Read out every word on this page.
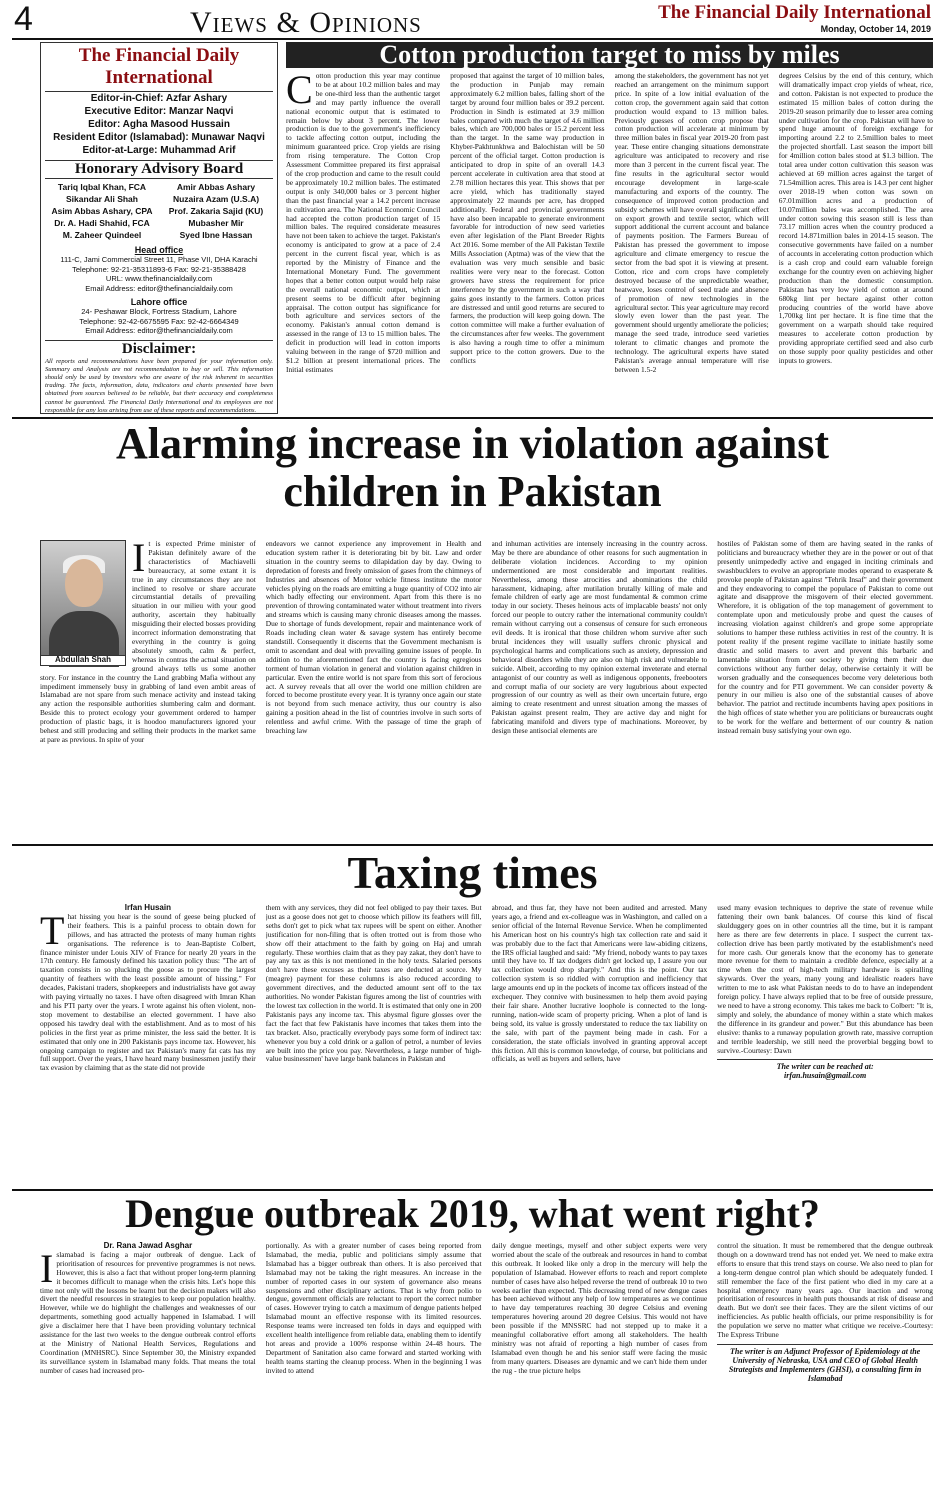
4	Views & Opinions	The Financial Daily International
Monday, October 14, 2019
The Financial Daily International
Editor-in-Chief: Azfar Ashary
Executive Editor: Manzar Naqvi
Editor: Agha Masood Hussain
Resident Editor (Islamabad): Munawar Naqvi
Editor-at-Large: Muhammad Arif
Honorary Advisory Board
Tariq Iqbal Khan, FCA	Amir Abbas Ashary
Sikandar Ali Shah	Nuzaira Azam (U.S.A)
Asim Abbas Ashary, CPA	Prof. Zakaria Sajid (KU)
Dr. A. Hadi Shahid, FCA	Mubasher Mir
M. Zaheer Quindeel	Syed Ibne Hassan
Head office
111-C, Jami Commercial Street 11, Phase VII, DHA Karachi
Telephone: 92-21-35311893-6 Fax: 92-21-35388428
URL: www.thefinancialdaily.com
Email Address: editor@thefinancialdaily.com
Lahore office
24- Peshawar Block, Fortress Stadium, Lahore
Telephone: 92-42-6675595 Fax: 92-42-6664349
Email Address: editor@thefinancialdaily.com
Disclaimer:
All reports and recommendations have been prepared for your information only. Summary and Analysis are not recommendation to buy or sell. This information should only be used by investors who are aware of the risk inherent in securities trading. The facts, information, data, indicators and charts presented have been obtained from sources believed to be reliable, but their accuracy and completeness cannot be guaranteed. The Financial Daily International and its employees are not responsible for any loss arising from use of these reports and recommendations.
Cotton production target to miss by miles
Cotton production this year may continue to be at about 10.2 million bales and may be one-third less than the authentic target and may partly influence the overall national economic output that is estimated to remain below by about 3 percent. The lower production is due to the government's inefficiency to tackle affecting cotton output, including the minimum guaranteed price. Crop yields are rising from rising temperature. The Cotton Crop Assessment Committee prepared its first appraisal of the crop production and came to the result could be approximately 10.2 million bales. The estimated output is only 340,000 bales or 3 percent higher than the past financial year a 14.2 percent increase in cultivation area. The National Economic Council had accepted the cotton production target of 15 million bales. The required considerate measures have not been taken to achieve the target. Pakistan's economy is anticipated to grow at a pace of 2.4 percent in the current fiscal year, which is as reported by the Ministry of Finance and the International Monetary Fund. The government hopes that a better cotton output would help raise the overall national economic output, which at present seems to be difficult after beginning appraisal. The cotton output has significance for both agriculture and services sectors of the economy. Pakistan's annual cotton demand is assessed in the range of 13 to 15 million bales. The deficit in production will lead in cotton imports valuing between in the range of $720 million and $1.2 billion at present international prices. The Initial estimates
proposed that against the target of 10 million bales, the production in Punjab may remain approximately 6.2 million bales, falling short of the target by around four million bales or 39.2 percent. Production in Sindh is estimated at 3.9 million bales compared with much the target of 4.6 million bales, which are 700,000 bales or 15.2 percent less than the target. In the same way production in Khyber-Pakhtunkhwa and Balochistan will be 50 percent of the official target. Cotton production is anticipated to drop in spite of an overall 14.3 percent accelerate in cultivation area that stood at 2.78 million hectares this year. This shows that per acre yield, which has traditionally stayed approximately 22 maunds per acre, has dropped additionally. Federal and provincial governments have also been incapable to generate environment favorable for introduction of new seed varieties even after legislation of the Plant Breeder Rights Act 2016. Some member of the All Pakistan Textile Mills Association (Aptma) was of the view that the evaluation was very much sensible and basic realities were very near to the forecast. Cotton growers have stress the requirement for price interference by the government in such a way that gains goes instantly to the farmers. Cotton prices are distressed and until good returns are secured to farmers, the production will keep going down. The cotton committee will make a further evaluation of the circumstances after few weeks. The government is also having a rough time to offer a minimum support price to the cotton growers. Due to the conflicts
among the stakeholders, the government has not yet reached an arrangement on the minimum support price. In spite of a low initial evaluation of the cotton crop, the government again said that cotton production would expand to 13 million bales. Previously guesses of cotton crop propose that cotton production will accelerate at minimum by three million bales in fiscal year 2019-20 from past year. These entire changing situations demonstrate agriculture was anticipated to recovery and rise more than 3 percent in the current fiscal year. The fine results in the agricultural sector would encourage development in large-scale manufacturing and exports of the country. The consequence of improved cotton production and subsidy schemes will have overall significant effect on export growth and textile sector, which will support additional the current account and balance of payments position. The Farmers Bureau of Pakistan has pressed the government to impose agriculture and climate emergency to rescue the sector from the bad spot it is viewing at present. Cotton, rice and corn crops have completely destroyed because of the unpredictable weather, heatwave, loses control of seed trade and absence of promotion of new technologies in the agricultural sector. This year agriculture may record slowly even lower than the past year. The government should urgently ameliorate the policies; manage the seed trade, introduce seed varieties tolerant to climatic changes and promote the technology. The agricultural experts have stated Pakistan's average annual temperature will rise between 1.5-2
degrees Celsius by the end of this century, which will dramatically impact crop yields of wheat, rice, and cotton. Pakistan is not expected to produce the estimated 15 million bales of cotton during the 2019-20 season primarily due to lesser area coming under cultivation for the crop. Pakistan will have to spend huge amount of foreign exchange for importing around 2.2 to 2.5million bales to meet the projected shortfall. Last season the import bill for 4million cotton bales stood at $1.3 billion. The total area under cotton cultivation this season was achieved at 69 million acres against the target of 71.54million acres. This area is 14.3 per cent higher over 2018-19 when cotton was sown on 67.01million acres and a production of 10.07million bales was accomplished. The area under cotton sowing this season still is less than 73.17 million acres when the country produced a record 14.871million bales in 2014-15 season. The consecutive governments have failed on a number of accounts in accelerating cotton production which is a cash crop and could earn valuable foreign exchange for the country even on achieving higher production than the domestic consumption. Pakistan has very low yield of cotton at around 680kg lint per hectare against other cotton producing countries of the world have above 1,700kg lint per hectare. It is fine time that the government on a warpath should take required measures to accelerate cotton production by providing appropriate certified seed and also curb on those supply poor quality pesticides and other inputs to growers.
Alarming increase in violation against children in Pakistan
Abdullah Shah
I t is expected Prime minister of Pakistan definitely aware of the characteristics of Machiavelli bureaucracy, at some extant it is true in any circumstances they are not inclined to resolve or share accurate circumstantial details of prevailing situation in our milieu with your good authority, ascertain they habitually misguiding their elected bosses providing incorrect information demonstrating that everything in the country is going absolutely smooth, calm & perfect, whereas in contras the actual situation on ground always tells us some another story. For instance in the country the Land grabbing Mafia without any impediment immensely busy in grabbing of land even ambit areas of Islamabad are not spare from such menace activity and instead taking any action the responsible authorities slumbering calm and dormant. Beside this to protect ecology your government ordered to hamper production of plastic bags, it is hoodoo manufacturers ignored your behest and still producing and selling their products in the market same at pare as previous. In spite of your
endeavors we cannot experience any improvement in Health and education system rather it is deteriorating bit by bit. Law and order situation in the country seems to dilapidation day by day. Owing to depredation of forests and freely omission of gases from the chimneys of Industries and absences of Motor vehicle fitness institute the motor vehicles plying on the roads are emitting a huge quantity of CO2 into air which badly effecting our environment. Apart from this there is no prevention of throwing contaminated water without treatment into rivers and streams which is causing many chronic diseases among the masses. Due to shortage of funds development, repair and maintenance work of Roads including clean water & savage system has entirely become standstill. Consequently it discerns that the Government mechanism is omit to ascendant and deal with prevailing genuine issues of people. In addition to the aforementioned fact the country is facing egregious torment of human violation in general and violation against children in particular. Even the entire world is not spare from this sort of ferocious act. A survey reveals that all over the world one million children are forced to become prostitute every year. It is tyranny once again our state is not beyond from such menace activity, thus our country is also gaining a position ahead in the list of countries involve in such sorts of relentless and awful crime. With the passage of time the graph of breaching law
and inhuman activities are intensely increasing in the country across. May be there are abundance of other reasons for such augmentation in deliberate violation incidences. According to my opinion undermentioned are most considerable and important realities. Nevertheless, among these atrocities and abominations the child harassment, kidnaping, after mutilation brutally killing of male and female children of early age are most fundamental & common crime today in our society. Theses heinous acts of implacable beasts' not only forced our people to outcry rather the international community couldn't remain without carrying out a consensus of censure for such erroneous evil deeds. It is ironical that those children whom survive after such brutal incidences they will usually suffers chronic physical and psychological harms and complications such as anxiety, depression and behavioral disorders while they are also on high risk and vulnerable to suicide. Albeit, according to my opinion external inveterate and eternal antagonist of our country as well as indigenous opponents, freebooters and corrupt mafia of our society are very lugubrious about expected progression of our country as well as their own uncertain future, ergo aiming to create resentment and unrest situation among the masses of Pakistan against present realm, They are active day and night for fabricating manifold and divers type of machinations. Moreover, by design these antisocial elements are
hostiles of Pakistan some of them are having seated in the ranks of politicians and bureaucracy whether they are in the power or out of that presently unimpededly active and engaged in inciting criminals and swashbucklers to evolve an appropriate modes operand to exasperate & provoke people of Pakistan against "Tehrik Insaf" and their government and they endeavoring to compel the populace of Pakistan to come out agitate and disapprove the misgovern of their elected government. Wherefore, it is obligation of the top management of government to contemplate upon and meticulously probe and quest the causes of increasing violation against children's and grope some appropriate solutions to hamper these ruthless activities in rest of the country. It is potent reality if the present regime vacillate to initiate hastily some drastic and solid masers to avert and prevent this barbaric and lamentable situation from our society by giving them their due convictions without any further delay, otherwise certainly it will be worsen gradually and the consequences become very deleterious both for the country and for PTI government. We can consider poverty & penury in our milieu is also one of the substantial causes of above behavior. The patriot and rectitude incumbents having apex positions in the high offices of state whether you are politicians or bureaucrats ought to be work for the welfare and betterment of our country & nation instead remain busy satisfying your own ego.
Taxing times
Irfan Husain
T hat hissing you hear is the sound of geese being plucked of their feathers. This is a painful process to obtain down for pillows, and has attracted the protests of many human rights organisations. The reference is to Jean-Baptiste Colbert, finance minister under Louis XIV of France for nearly 20 years in the 17th century. He famously defined his taxation policy thus: "The art of taxation consists in so plucking the goose as to procure the largest quantity of feathers with the least possible amount of hissing." For decades, Pakistani traders, shopkeepers and industrialists have got away with paying virtually no taxes. I have often disagreed with Imran Khan and his PTI party over the years. I wrote against his often violent, non-stop movement to destabilise an elected government. I have also opposed his tawdry deal with the establishment. And as to most of his policies in the first year as prime minister, the less said the better. It is estimated that only one in 200 Pakistanis pays income tax. However, his ongoing campaign to register and tax Pakistan's many fat cats has my full support. Over the years, I have heard many businessmen justify their tax evasion by claiming that as the state did not provide
them with any services, they did not feel obliged to pay their taxes. But just as a goose does not get to choose which pillow its feathers will fill, seths don't get to pick what tax rupees will be spent on either. Another justification for non-filing that is often trotted out is from those who show off their attachment to the faith by going on Haj and umrah regularly. These worthies claim that as they pay zakat, they don't have to pay any tax as this is not mentioned in the holy texts. Salaried persons don't have these excuses as their taxes are deducted at source. My (meagre) payment for these columns is also reduced according to government directives, and the deducted amount sent off to the tax authorities. No wonder Pakistan figures among the list of countries with the lowest tax collection in the world. It is estimated that only one in 200 Pakistanis pays any income tax. This abysmal figure glosses over the fact the fact that few Pakistanis have incomes that takes them into the tax bracket. Also, practically everybody pays some form of indirect tax: whenever you buy a cold drink or a gallon of petrol, a number of levies are built into the price you pay. Nevertheless, a large number of 'high-value businessmen' have large bank balances in Pakistan and
abroad, and thus far, they have not been audited and arrested. Many years ago, a friend and ex-colleague was in Washington, and called on a senior official of the Internal Revenue Service. When he complimented his American host on his country's high tax collection rate and said it was probably due to the fact that Americans were law-abiding citizens, the IRS official laughed and said: "My friend, nobody wants to pay taxes until they have to. If tax dodgers didn't get locked up, I assure you our tax collection would drop sharply." And this is the point. Our tax collection system is so riddled with corruption and inefficiency that large amounts end up in the pockets of income tax officers instead of the exchequer. They connive with businessmen to help them avoid paying their fair share. Another lucrative loophole is connected to the long-running, nation-wide scam of property pricing. When a plot of land is being sold, its value is grossly understated to reduce the tax liability on the sale, with part of the payment being made in cash. For a consideration, the state officials involved in granting approval accept this fiction. All this is common knowledge, of course, but politicians and officials, as well as buyers and sellers, have
used many evasion techniques to deprive the state of revenue while fattening their own bank balances. Of course this kind of fiscal skulduggery goes on in other countries all the time, but it is rampant here as there are few deterrents in place. I suspect the current tax-collection drive has been partly motivated by the establishment's need for more cash. Our generals know that the economy has to generate more revenue for them to maintain a credible defence, especially at a time when the cost of high-tech military hardware is spiralling skywards. Over the years, many young and idealistic readers have written to me to ask what Pakistan needs to do to have an independent foreign policy. I have always replied that to be free of outside pressure, we need to have a strong economy. This takes me back to Colbert: "It is, simply and solely, the abundance of money within a state which makes the difference in its grandeur and power." But this abundance has been elusive: thanks to a runaway population growth rate, massive corruption and terrible leadership, we still need the proverbial begging bowl to survive.-Courtesy: Dawn
The writer can be reached at:
irfan.husain@gmail.com
Dengue outbreak 2019, what went right?
Dr. Rana Jawad Asghar
I slamabad is facing a major outbreak of dengue. Lack of prioritisation of resources for preventive programmes is not news. However, this is also a fact that without proper long-term planning it becomes difficult to manage when the crisis hits. Let's hope this time not only will the lessons be learnt but the decision makers will also divert the needful resources in strategies to keep our population healthy. However, while we do highlight the challenges and weaknesses of our departments, something good actually happened in Islamabad. I will give a disclaimer here that I have been providing voluntary technical assistance for the last two weeks to the dengue outbreak control efforts at the Ministry of National Health Services, Regulations and Coordination (MNHSRC). Since September 30, the Ministry expanded its surveillance system in Islamabad many folds. That means the total number of cases had increased pro-
portionally. As with a greater number of cases being reported from Islamabad, the media, public and politicians simply assume that Islamabad has a bigger outbreak than others. It is also perceived that Islamabad may not be taking the right measures. An increase in the number of reported cases in our system of governance also means suspensions and other disciplinary actions. That is why from polio to dengue, government officials are reluctant to report the correct number of cases. However trying to catch a maximum of dengue patients helped Islamabad mount an effective response with its limited resources. Response teams were increased ten folds in days and equipped with excellent health intelligence from reliable data, enabling them to identify hot areas and provide a 100% response within 24-48 hours. The Department of Sanitation also came forward and started working with health teams starting the cleanup process. When in the beginning I was invited to attend
daily dengue meetings, myself and other subject experts were very worried about the scale of the outbreak and resources in hand to combat this outbreak. It looked like only a drop in the mercury will help the population of Islamabad. However efforts to reach and report complete number of cases have also helped reverse the trend of outbreak 10 to two weeks earlier than expected. This decreasing trend of new dengue cases has been achieved without any help of low temperatures as we continue to have day temperatures reaching 30 degree Celsius and evening temperatures hovering around 20 degree Celsius. This would not have been possible if the MNSSRC had not stepped up to make it a meaningful collaborative effort among all stakeholders. The health ministry was not afraid of reporting a high number of cases from Islamabad even though he and his senior staff were facing the music from many quarters. Diseases are dynamic and we can't hide them under the rug - the true picture helps
control the situation. It must be remembered that the dengue outbreak though on a downward trend has not ended yet. We need to make extra efforts to ensure that this trend stays on course. We also need to plan for a long-term dengue control plan which should be adequately funded. I still remember the face of the first patient who died in my care at a hospital emergency many years ago. Our inaction and wrong prioritisation of resources in health puts thousands at risk of disease and death. But we don't see their faces. They are the silent victims of our inefficiencies. As public health officials, our prime responsibility is for the population we serve no matter what critique we receive.-Courtesy: The Express Tribune
The writer is an Adjunct Professor of Epidemiology at the University of Nebraska, USA and CEO of Global Health Strategists and Implementers (GHSI), a consulting firm in Islamabad
